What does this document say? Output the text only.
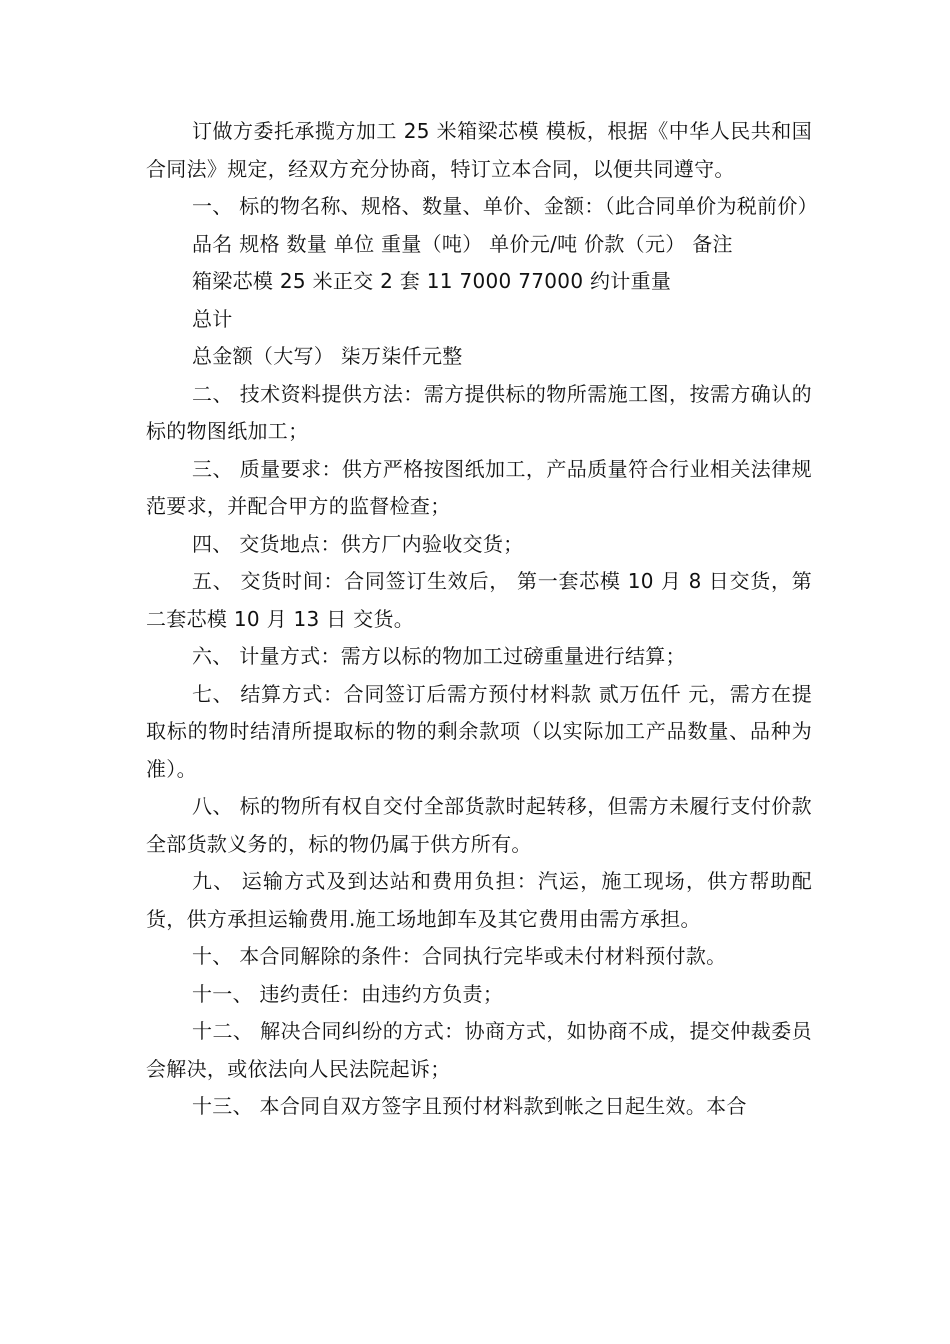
订做方委托承揽方加工 25 米箱梁芯模 模板，根据《中华人民共和国合同法》规定，经双方充分协商，特订立本合同，以便共同遵守。

一、 标的物名称、规格、数量、单价、金额：（此合同单价为税前价）

品名 规格 数量 单位 重量（吨） 单价元/吨 价款（元） 备注

箱梁芯模 25 米正交 2 套 11 7000 77000 约计重量

总计

总金额（大写） 柒万柒仟元整

二、 技术资料提供方法：需方提供标的物所需施工图，按需方确认的标的物图纸加工；

三、 质量要求：供方严格按图纸加工，产品质量符合行业相关法律规范要求，并配合甲方的监督检查；

四、 交货地点：供方厂内验收交货；

五、 交货时间：合同签订生效后， 第一套芯模 10 月 8 日交货，第二套芯模 10 月 13 日 交货。

六、 计量方式：需方以标的物加工过磅重量进行结算；

七、 结算方式：合同签订后需方预付材料款 贰万伍仟 元，需方在提取标的物时结清所提取标的物的剩余款项（以实际加工产品数量、品种为准）。

八、 标的物所有权自交付全部货款时起转移，但需方未履行支付价款全部货款义务的，标的物仍属于供方所有。

九、 运输方式及到达站和费用负担：汽运，施工现场，供方帮助配货，供方承担运输费用.施工场地卸车及其它费用由需方承担。

十、 本合同解除的条件：合同执行完毕或未付材料预付款。

十一、 违约责任：由违约方负责；

十二、 解决合同纠纷的方式：协商方式，如协商不成，提交仲裁委员会解决，或依法向人民法院起诉；

十三、 本合同自双方签字且预付材料款到帐之日起生效。本合
